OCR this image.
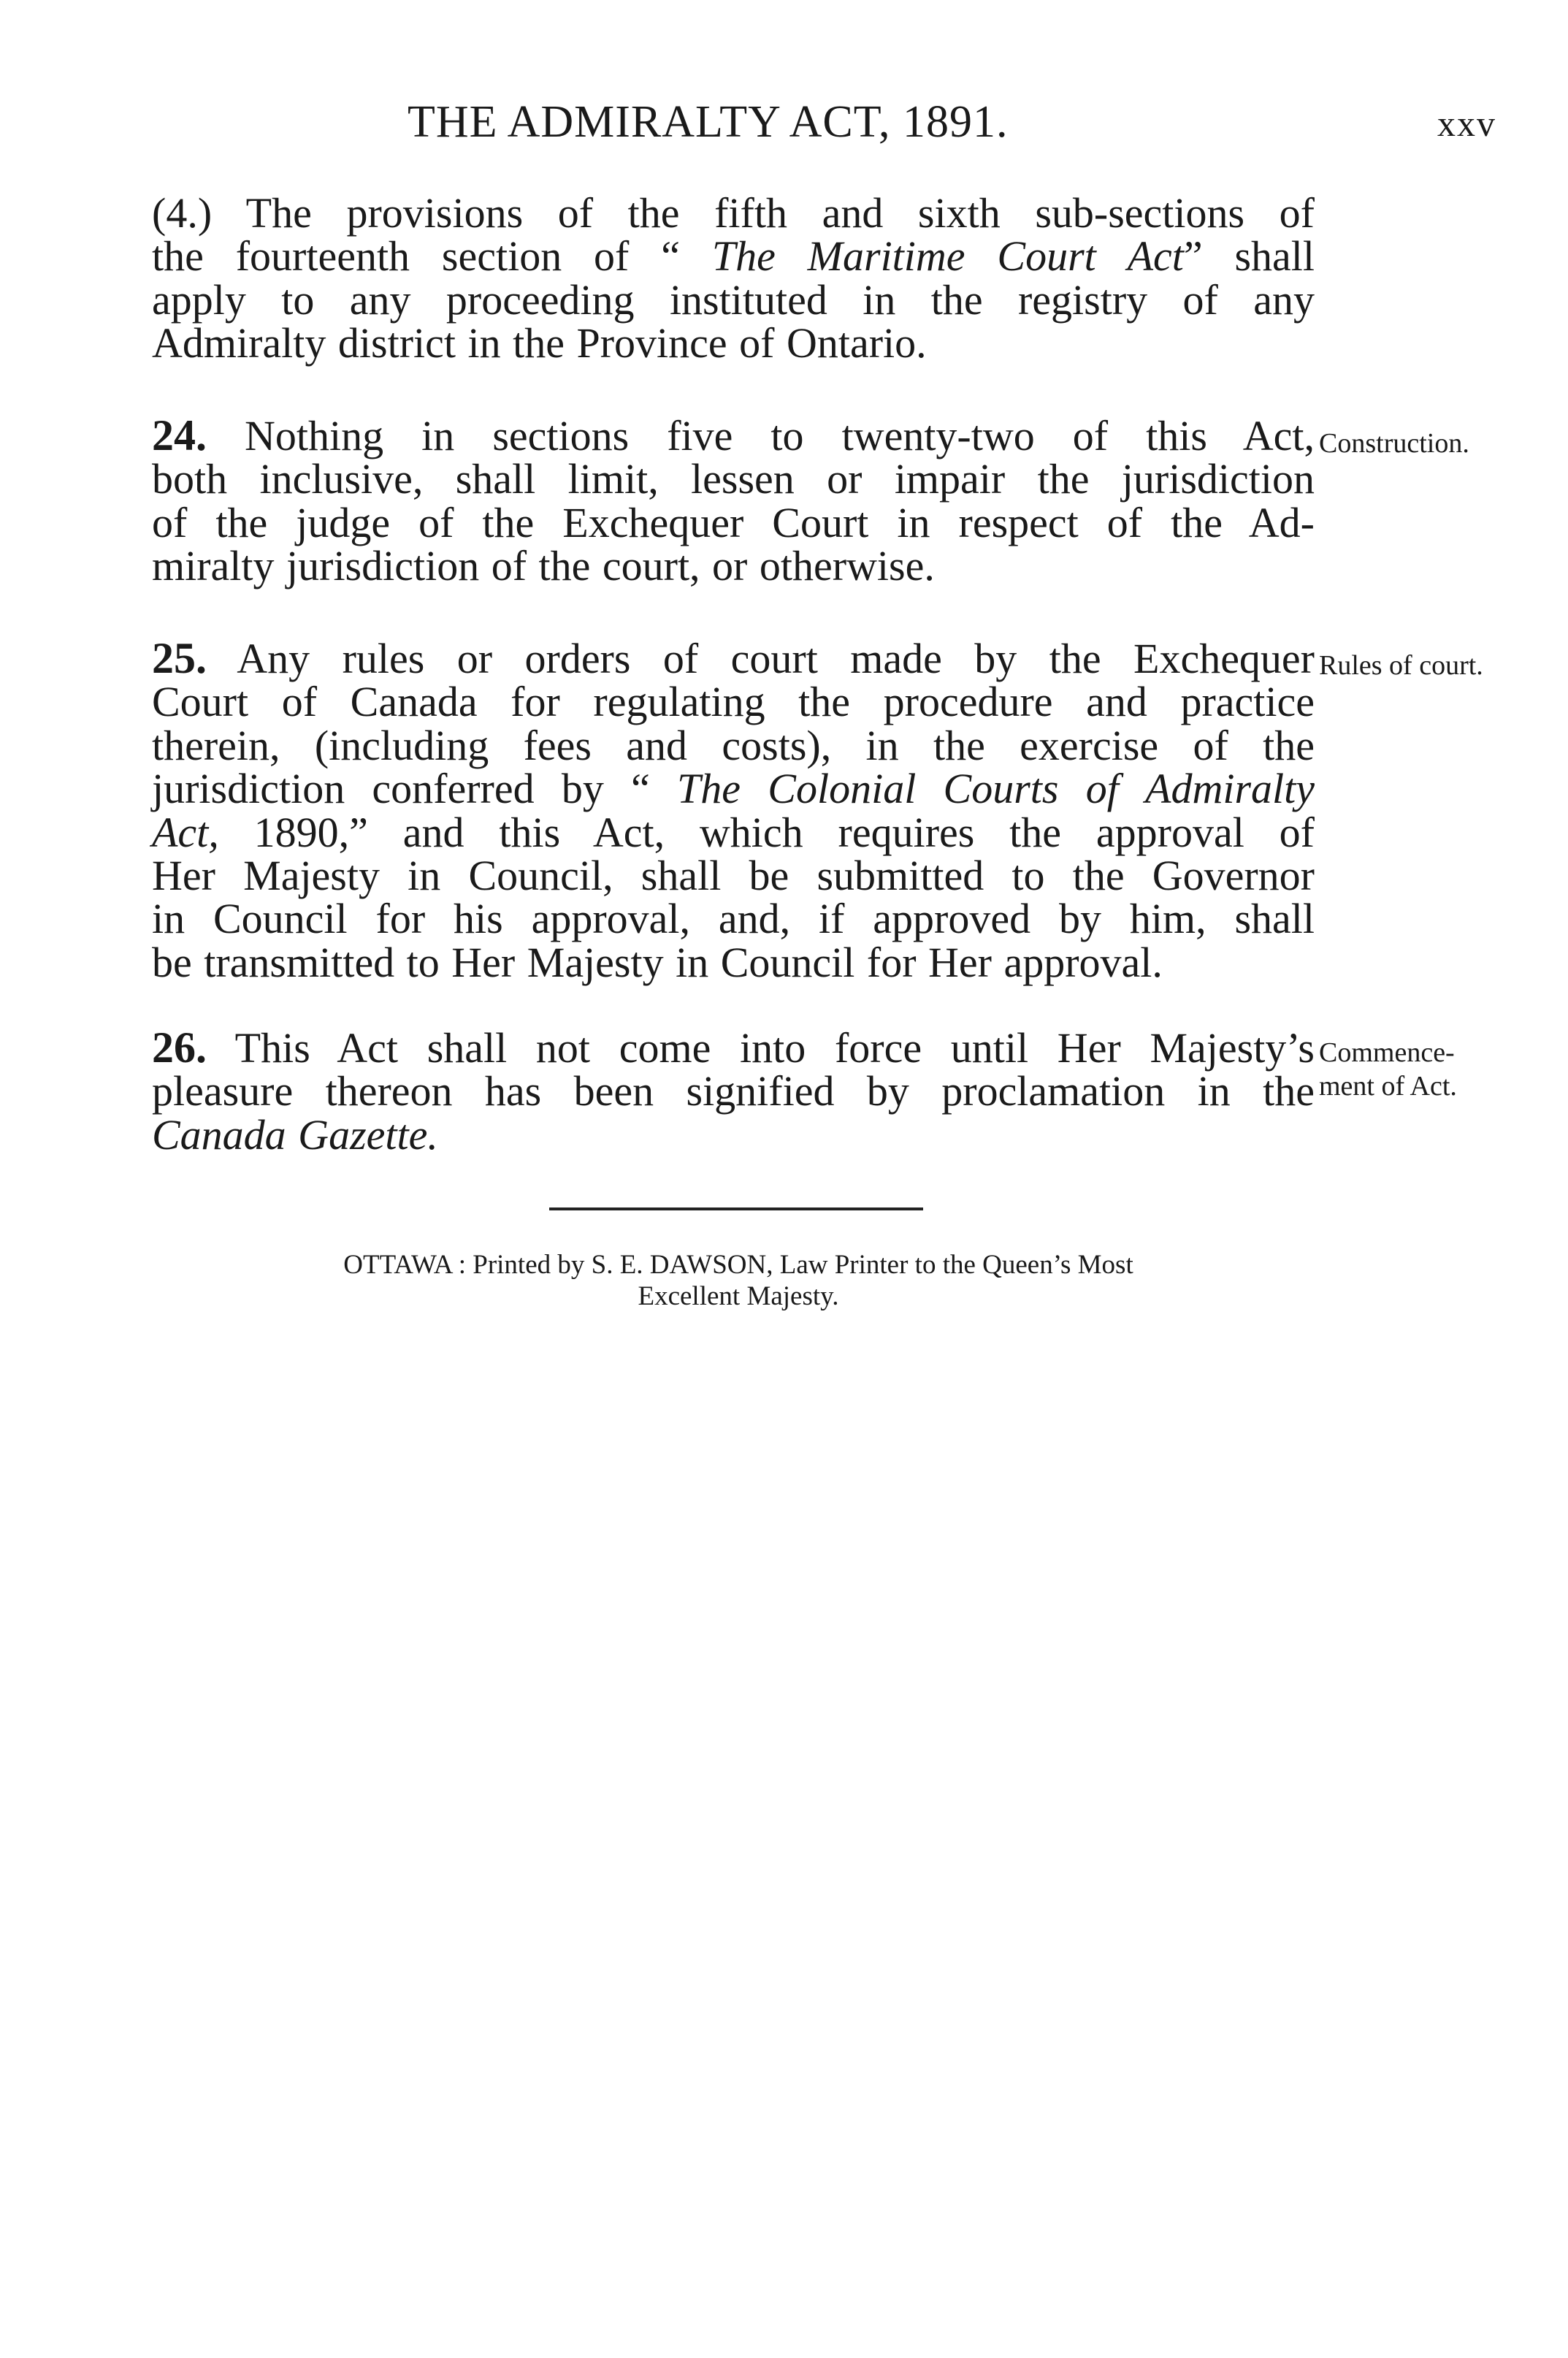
THE ADMIRALTY ACT, 1891.	xxv
(4.) The provisions of the fifth and sixth sub-sections of
the fourteenth section of “ The Maritime Court Act” shall
apply to any proceeding instituted in the registry of any
Admiralty district in the Province of Ontario.
24. Nothing in sections five to twenty-two of this Act,
both inclusive, shall limit, lessen or impair the jurisdiction
of the judge of the Exchequer Court in respect of the Ad-
miralty jurisdiction of the court, or otherwise.
Construction.
25. Any rules or orders of court made by the Exchequer
Court of Canada for regulating the procedure and practice
therein, (including fees and costs), in the exercise of the
jurisdiction conferred by “ The Colonial Courts of Admiralty
Act, 1890,” and this Act, which requires the approval of
Her Majesty in Council, shall be submitted to the Governor
in Council for his approval, and, if approved by him, shall
be transmitted to Her Majesty in Council for Her approval.
Rules of court.
26. This Act shall not come into force until Her Majesty’s
pleasure thereon has been signified by proclamation in the
Canada Gazette.
Commence-
ment of Act.
OTTAWA : Printed by S. E. DAWSON, Law Printer to the Queen’s Most
Excellent Majesty.
